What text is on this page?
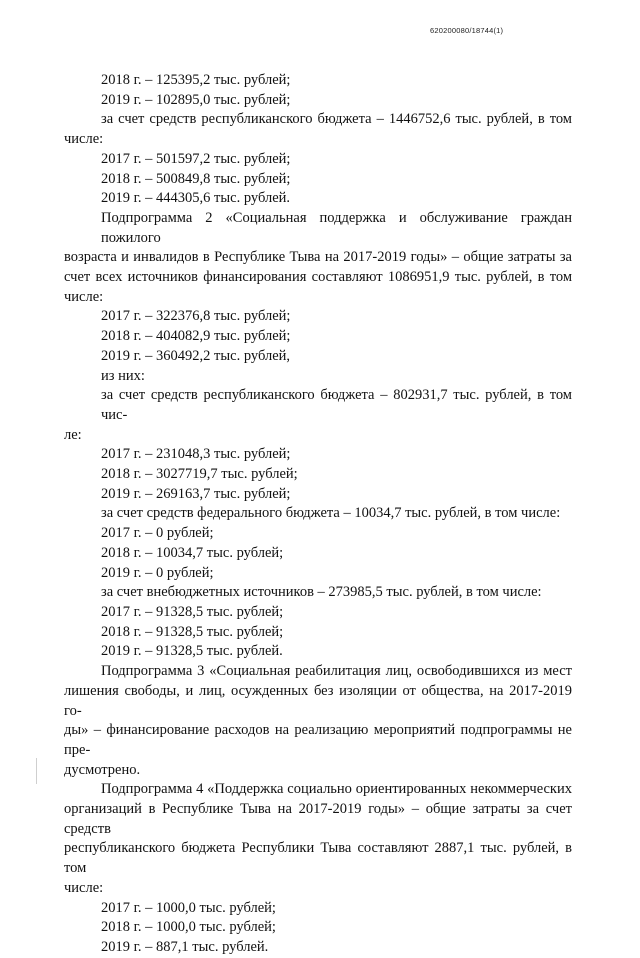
620200080/18744(1)

2018 г. – 125395,2 тыс. рублей;

2019 г. – 102895,0 тыс. рублей;

за счет средств республиканского бюджета – 1446752,6 тыс. рублей, в том

числе:

2017 г. – 501597,2 тыс. рублей;

2018 г. – 500849,8 тыс. рублей;

2019 г. – 444305,6 тыс. рублей.

Подпрограмма 2 «Социальная поддержка и обслуживание граждан пожилого

возраста и инвалидов в Республике Тыва на 2017-2019 годы» – общие затраты за

счет всех источников финансирования составляют 1086951,9 тыс. рублей, в том

числе:

2017 г. – 322376,8 тыс. рублей;

2018 г. – 404082,9 тыс. рублей;

2019 г. – 360492,2 тыс. рублей,

из них:

за счет средств республиканского бюджета – 802931,7 тыс. рублей, в том чис-

ле:

2017 г. – 231048,3 тыс. рублей;

2018 г. – 3027719,7 тыс. рублей;

2019 г. – 269163,7 тыс. рублей;

за счет средств федерального бюджета – 10034,7 тыс. рублей, в том числе:

2017 г. – 0 рублей;

2018 г. – 10034,7 тыс. рублей;

2019 г. – 0 рублей;

за счет внебюджетных источников – 273985,5 тыс. рублей, в том числе:

2017 г. – 91328,5 тыс. рублей;

2018 г. – 91328,5 тыс. рублей;

2019 г. – 91328,5 тыс. рублей.

Подпрограмма 3 «Социальная реабилитация лиц, освободившихся из мест

лишения свободы, и лиц, осужденных без изоляции от общества, на 2017-2019 го-

ды» – финансирование расходов на реализацию мероприятий подпрограммы не пре-

дусмотрено.

Подпрограмма 4 «Поддержка социально ориентированных некоммерческих

организаций в Республике Тыва на 2017-2019 годы» – общие затраты за счет средств

республиканского бюджета Республики Тыва составляют 2887,1 тыс. рублей, в том

числе:

2017 г. – 1000,0 тыс. рублей;

2018 г. – 1000,0 тыс. рублей;

2019 г. – 887,1 тыс. рублей.
